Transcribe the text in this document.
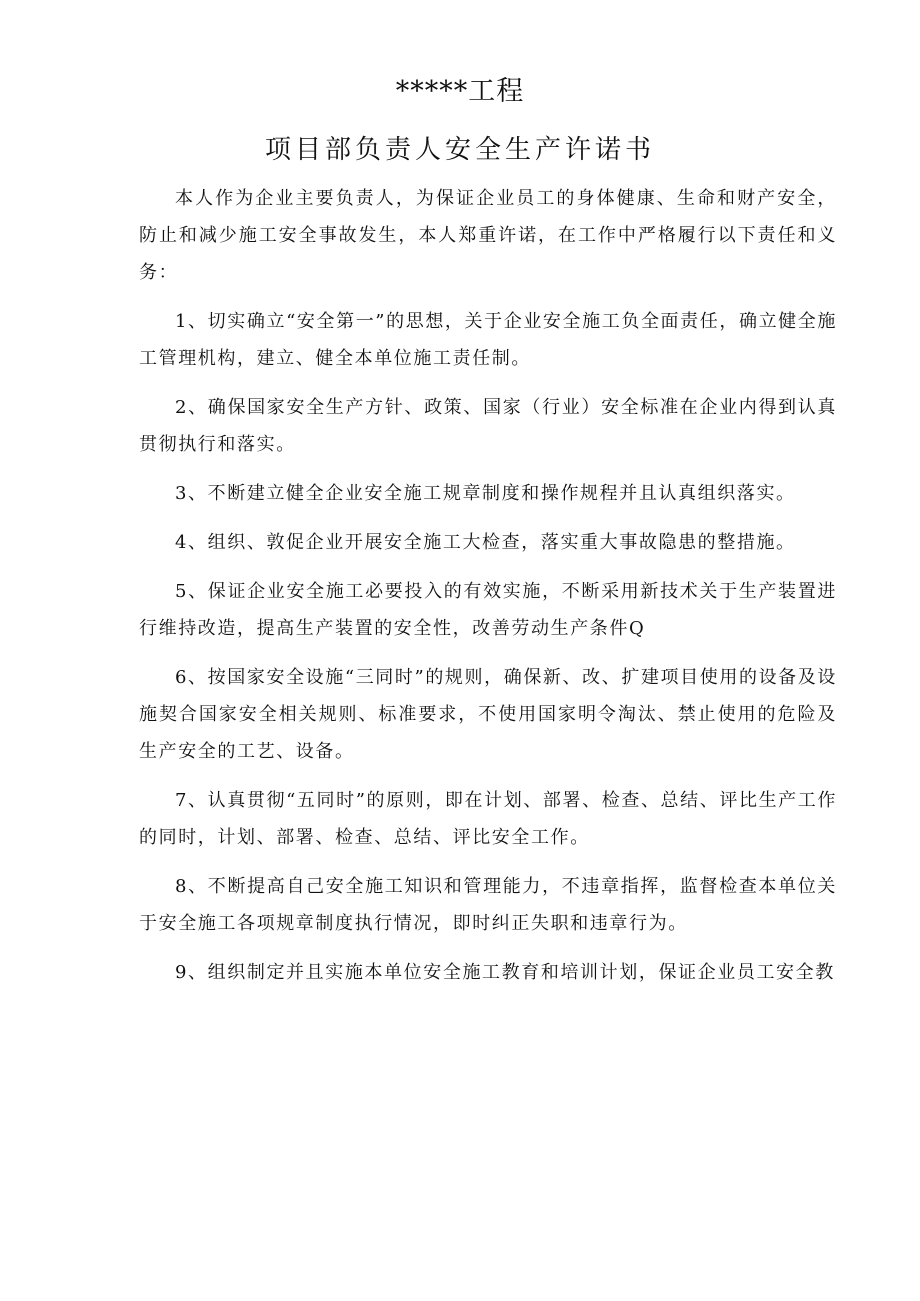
*****工程
项目部负责人安全生产许诺书

本人作为企业主要负责人，为保证企业员工的身体健康、生命和财产安全，防止和减少施工安全事故发生，本人郑重许诺，在工作中严格履行以下责任和义务：

1、切实确立“安全第一”的思想，关于企业安全施工负全面责任，确立健全施工管理机构，建立、健全本单位施工责任制。

2、确保国家安全生产方针、政策、国家（行业）安全标准在企业内得到认真贯彻执行和落实。

3、不断建立健全企业安全施工规章制度和操作规程并且认真组织落实。

4、组织、敦促企业开展安全施工大检查，落实重大事故隐患的整措施。

5、保证企业安全施工必要投入的有效实施，不断采用新技术关于生产装置进行维持改造，提高生产装置的安全性，改善劳动生产条件Q

6、按国家安全设施“三同时”的规则，确保新、改、扩建项目使用的设备及设施契合国家安全相关规则、标准要求，不使用国家明令淘汰、禁止使用的危险及生产安全的工艺、设备。

7、认真贯彻“五同时”的原则，即在计划、部署、检查、总结、评比生产工作的同时，计划、部署、检查、总结、评比安全工作。

8、不断提高自己安全施工知识和管理能力，不违章指挥，监督检查本单位关于安全施工各项规章制度执行情况，即时纠正失职和违章行为。

9、组织制定并且实施本单位安全施工教育和培训计划，保证企业员工安全教
